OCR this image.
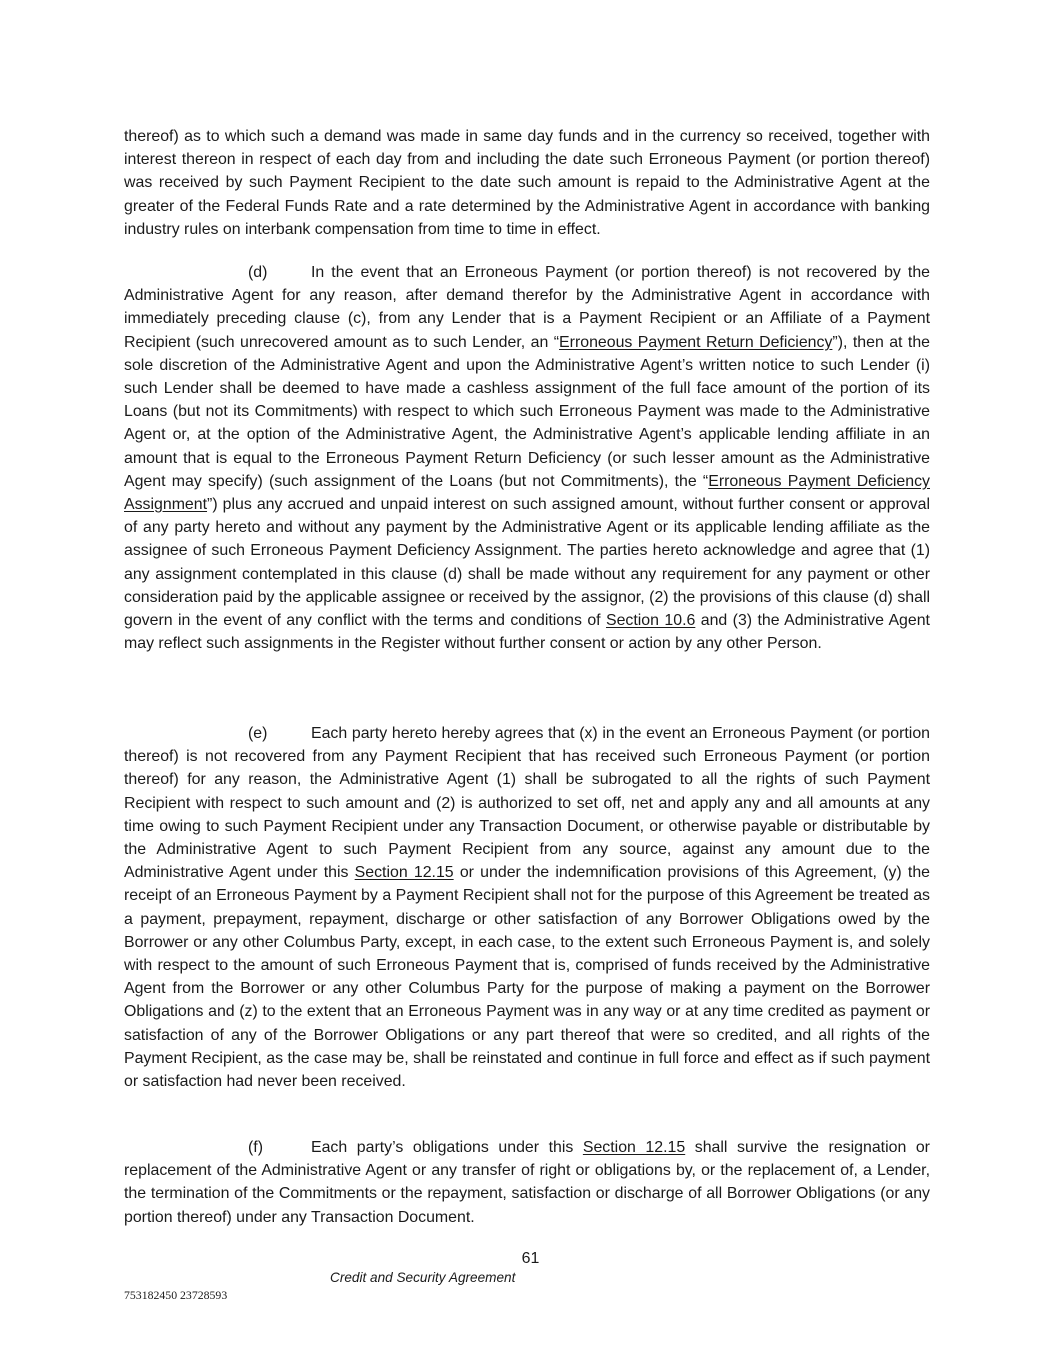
thereof) as to which such a demand was made in same day funds and in the currency so received, together with interest thereon in respect of each day from and including the date such Erroneous Payment (or portion thereof) was received by such Payment Recipient to the date such amount is repaid to the Administrative Agent at the greater of the Federal Funds Rate and a rate determined by the Administrative Agent in accordance with banking industry rules on interbank compensation from time to time in effect.

(d)	In the event that an Erroneous Payment (or portion thereof) is not recovered by the Administrative Agent for any reason, after demand therefor by the Administrative Agent in accordance with immediately preceding clause (c), from any Lender that is a Payment Recipient or an Affiliate of a Payment Recipient (such unrecovered amount as to such Lender, an “Erroneous Payment Return Deficiency”), then at the sole discretion of the Administrative Agent and upon the Administrative Agent’s written notice to such Lender (i) such Lender shall be deemed to have made a cashless assignment of the full face amount of the portion of its Loans (but not its Commitments) with respect to which such Erroneous Payment was made to the Administrative Agent or, at the option of the Administrative Agent, the Administrative Agent’s applicable lending affiliate in an amount that is equal to the Erroneous Payment Return Deficiency (or such lesser amount as the Administrative Agent may specify) (such assignment of the Loans (but not Commitments), the “Erroneous Payment Deficiency Assignment”) plus any accrued and unpaid interest on such assigned amount, without further consent or approval of any party hereto and without any payment by the Administrative Agent or its applicable lending affiliate as the assignee of such Erroneous Payment Deficiency Assignment. The parties hereto acknowledge and agree that (1) any assignment contemplated in this clause (d) shall be made without any requirement for any payment or other consideration paid by the applicable assignee or received by the assignor, (2) the provisions of this clause (d) shall govern in the event of any conflict with the terms and conditions of Section 10.6 and (3) the Administrative Agent may reflect such assignments in the Register without further consent or action by any other Person.

(e)	Each party hereto hereby agrees that (x) in the event an Erroneous Payment (or portion thereof) is not recovered from any Payment Recipient that has received such Erroneous Payment (or portion thereof) for any reason, the Administrative Agent (1) shall be subrogated to all the rights of such Payment Recipient with respect to such amount and (2) is authorized to set off, net and apply any and all amounts at any time owing to such Payment Recipient under any Transaction Document, or otherwise payable or distributable by the Administrative Agent to such Payment Recipient from any source, against any amount due to the Administrative Agent under this Section 12.15 or under the indemnification provisions of this Agreement, (y) the receipt of an Erroneous Payment by a Payment Recipient shall not for the purpose of this Agreement be treated as a payment, prepayment, repayment, discharge or other satisfaction of any Borrower Obligations owed by the Borrower or any other Columbus Party, except, in each case, to the extent such Erroneous Payment is, and solely with respect to the amount of such Erroneous Payment that is, comprised of funds received by the Administrative Agent from the Borrower or any other Columbus Party for the purpose of making a payment on the Borrower Obligations and (z) to the extent that an Erroneous Payment was in any way or at any time credited as payment or satisfaction of any of the Borrower Obligations or any part thereof that were so credited, and all rights of the Payment Recipient, as the case may be, shall be reinstated and continue in full force and effect as if such payment or satisfaction had never been received.

(f)	Each party’s obligations under this Section 12.15 shall survive the resignation or replacement of the Administrative Agent or any transfer of right or obligations by, or the replacement of, a Lender, the termination of the Commitments or the repayment, satisfaction or discharge of all Borrower Obligations (or any portion thereof) under any Transaction Document.

61
Credit and Security Agreement
753182450 23728593
